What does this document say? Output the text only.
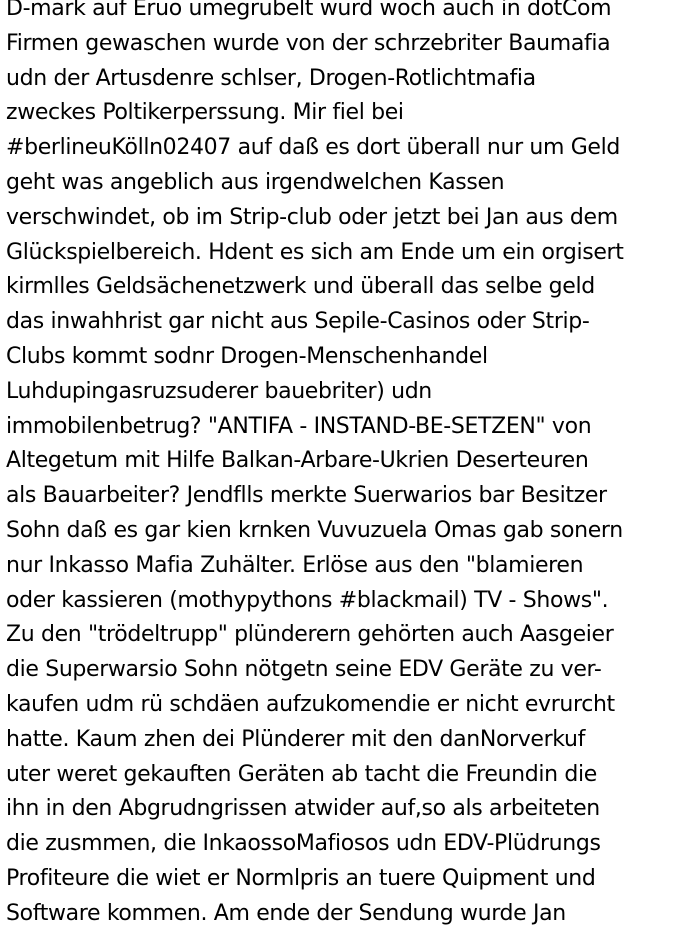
D-mark auf Eruo umegrubelt wurd woch auch in dotCom
Firmen gewaschen wurde von der schrzebriter Baumafia
udn der Artusdenre schlser, Drogen-Rotlichtmafia
zweckes Poltikerperssung. Mir fiel bei
#berlineuKölln02407 auf daß es dort überall nur um Geld
geht was angeblich aus irgendwelchen Kassen
verschwindet, ob im Strip-club oder jetzt bei Jan aus dem
Glückspielbereich. Hdent es sich am Ende um ein orgisert
kirmlles Geldsächenetzwerk und überall das selbe geld
das inwahhrist gar nicht aus Sepile-Casinos oder Strip-
Clubs kommt sodnr Drogen-Menschenhandel
Luhdupingasruzsuderer bauebriter) udn
immobilenbetrug? "ANTIFA - INSTAND-BE-SETZEN" von
Altegetum mit Hilfe Balkan-Arbare-Ukrien Deserteuren
als Bauarbeiter? Jendflls merkte Suerwarios bar Besitzer
Sohn daß es gar kien krnken Vuvuzuela Omas gab sonern
nur Inkasso Mafia Zuhälter. Erlöse aus den "blamieren
oder kassieren (mothypythons #blackmail) TV - Shows".
Zu den "trödeltrupp" plünderern gehörten auch Aasgeier
die Superwarsio Sohn nötgetn seine EDV Geräte zu ver-
kaufen udm rü schdäen aufzukomendie er nicht evrurcht
hatte. Kaum zhen dei Plünderer mit den danNorverkuf
uter weret gekauften Geräten ab tacht die Freundin die
ihn in den Abgrudngrissen atwider auf,so als arbeiteten
die zusmmen, die InkaossoMafiosos udn EDV-Plüdrungs
Profiteure die wiet er Normlpris an tuere Quipment und
Software kommen. Am ende der Sendung wurde Jan
